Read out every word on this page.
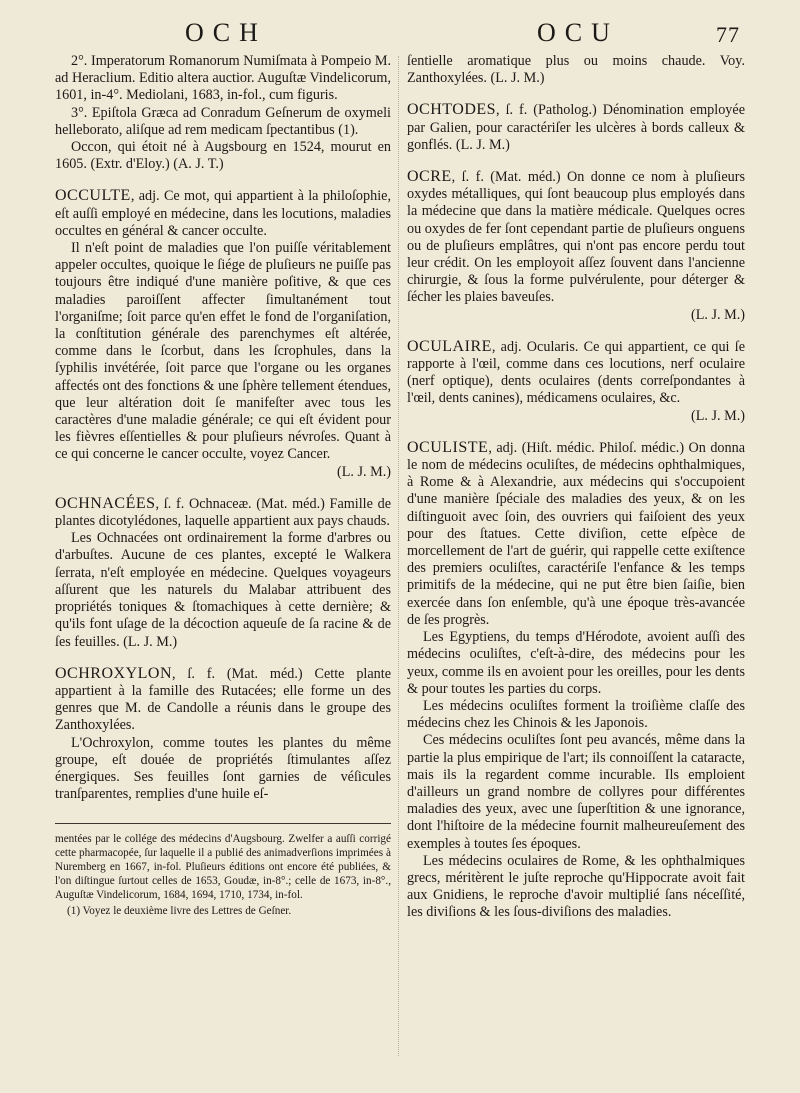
OCH	OCU	77

2°. Imperatorum Romanorum Numiſmata à Pompeio M. ad Heraclium. Editio altera auctior. Auguſtæ Vindelicorum, 1601, in-4°. Mediolani, 1683, in-fol., cum figuris.

3°. Epiſtola Græca ad Conradum Geſnerum de oxymeli helleborato, aliſque ad rem medicam ſpectantibus (1).

Occon, qui étoit né à Augsbourg en 1524, mourut en 1605. (Extr. d'Eloy.) (A. J. T.)

OCCULTE, adj. Ce mot, qui appartient à la philoſophie, eſt auſſi employé en médecine, dans les locutions, maladies occultes en général & cancer occulte.

Il n'eſt point de maladies que l'on puiſſe véritablement appeler occultes, quoique le ſiége de pluſieurs ne puiſſe pas toujours être indiqué d'une manière poſitive, & que ces maladies paroiſſent affecter ſimultanément tout l'organiſme; ſoit parce qu'en effet le fond de l'organiſation, la conſtitution générale des parenchymes eſt altérée, comme dans le ſcorbut, dans les ſcrophules, dans la ſyphilis invétérée, ſoit parce que l'organe ou les organes affectés ont des fonctions & une ſphère tellement étendues, que leur altération doit ſe manifeſter avec tous les caractères d'une maladie générale; ce qui eſt évident pour les fièvres eſſentielles & pour pluſieurs névroſes. Quant à ce qui concerne le cancer occulte, voyez Cancer.

(L. J. M.)

OCHNACÉES, ſ. f. Ochnaceæ. (Mat. méd.) Famille de plantes dicotylédones, laquelle appartient aux pays chauds.

Les Ochnacées ont ordinairement la forme d'arbres ou d'arbuſtes. Aucune de ces plantes, excepté le Walkera ſerrata, n'eſt employée en médecine. Quelques voyageurs aſſurent que les naturels du Malabar attribuent des propriétés toniques & ſtomachiques à cette dernière; & qu'ils font uſage de la décoction aqueuſe de ſa racine & de ſes feuilles. (L. J. M.)

OCHROXYLON, ſ. f. (Mat. méd.) Cette plante appartient à la famille des Rutacées; elle forme un des genres que M. de Candolle a réunis dans le groupe des Zanthoxylées.

L'Ochroxylon, comme toutes les plantes du même groupe, eſt douée de propriétés ſtimulantes aſſez énergiques. Ses feuilles ſont garnies de véſicules tranſparentes, remplies d'une huile eſ-

mentées par le collége des médecins d'Augsbourg. Zwelfer a auſſi corrigé cette pharmacopée, ſur laquelle il a publié des animadverſions imprimées à Nuremberg en 1667, in-fol. Pluſieurs éditions ont encore été publiées, & l'on diſtingue ſurtout celles de 1653, Goudæ, in-8°.; celle de 1673, in-8°., Auguſtæ Vindelicorum, 1684, 1694, 1710, 1734, in-fol.

(1) Voyez le deuxième livre des Lettres de Geſner.

ſentielle aromatique plus ou moins chaude. Voy. Zanthoxylées. (L. J. M.)

OCHTODES, ſ. f. (Patholog.) Dénomination employée par Galien, pour caractériſer les ulcères à bords calleux & gonflés. (L. J. M.)

OCRE, ſ. f. (Mat. méd.) On donne ce nom à pluſieurs oxydes métalliques, qui ſont beaucoup plus employés dans la médecine que dans la matière médicale. Quelques ocres ou oxydes de fer ſont cependant partie de pluſieurs onguens ou de pluſieurs emplâtres, qui n'ont pas encore perdu tout leur crédit. On les employoit aſſez ſouvent dans l'ancienne chirurgie, & ſous la forme pulvérulente, pour déterger & ſécher les plaies baveuſes.

(L. J. M.)

OCULAIRE, adj. Ocularis. Ce qui appartient, ce qui ſe rapporte à l'œil, comme dans ces locutions, nerf oculaire (nerf optique), dents oculaires (dents correſpondantes à l'œil, dents canines), médicamens oculaires, &c.

(L. J. M.)

OCULISTE, adj. (Hiſt. médic. Philoſ. médic.) On donna le nom de médecins oculiſtes, de médecins ophthalmiques, à Rome & à Alexandrie, aux médecins qui s'occupoient d'une manière ſpéciale des maladies des yeux, & on les diſtinguoit avec ſoin, des ouvriers qui faiſoient des yeux pour des ſtatues. Cette diviſion, cette eſpèce de morcellement de l'art de guérir, qui rappelle cette exiſtence des premiers oculiſtes, caractériſe l'enfance & les temps primitifs de la médecine, qui ne put être bien ſaiſie, bien exercée dans ſon enſemble, qu'à une époque très-avancée de ſes progrès.

Les Egyptiens, du temps d'Hérodote, avoient auſſi des médecins oculiſtes, c'eſt-à-dire, des médecins pour les yeux, comme ils en avoient pour les oreilles, pour les dents & pour toutes les parties du corps.

Les médecins oculiſtes forment la troiſième claſſe des médecins chez les Chinois & les Japonois.

Ces médecins oculiſtes ſont peu avancés, même dans la partie la plus empirique de l'art; ils connoiſſent la cataracte, mais ils la regardent comme incurable. Ils emploient d'ailleurs un grand nombre de collyres pour différentes maladies des yeux, avec une ſuperſtition & une ignorance, dont l'hiſtoire de la médecine fournit malheureuſement des exemples à toutes ſes époques.

Les médecins oculaires de Rome, & les ophthalmiques grecs, méritèrent le juſte reproche qu'Hippocrate avoit fait aux Gnidiens, le reproche d'avoir multiplié ſans néceſſité, les diviſions & les ſous-diviſions des maladies.
